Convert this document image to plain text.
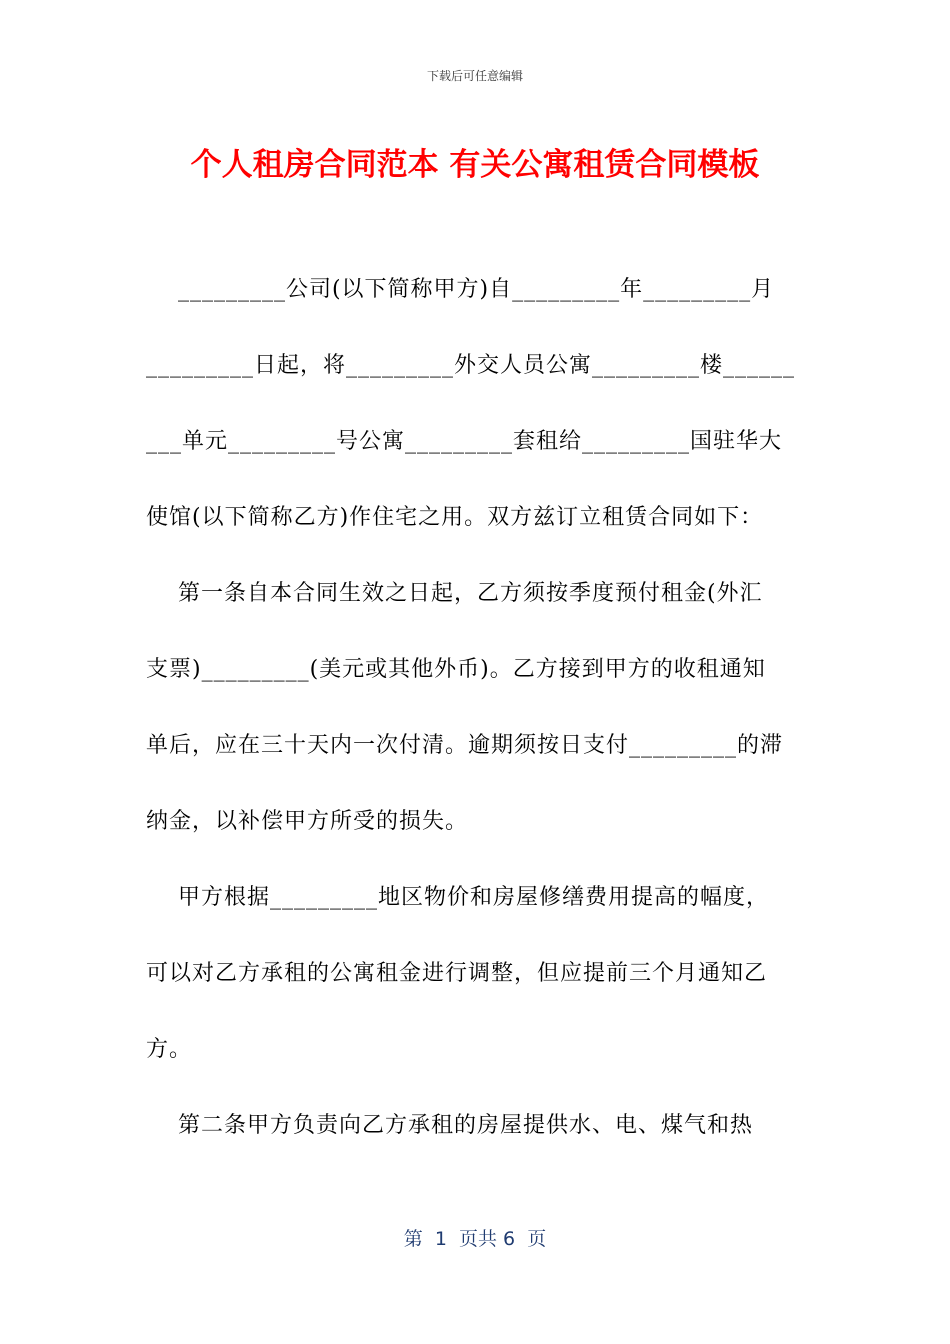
下载后可任意编辑
个人租房合同范本 有关公寓租赁合同模板
_________公司(以下简称甲方)自_________年_________月
_________日起，将_________外交人员公寓_________楼______
___单元_________号公寓_________套租给_________国驻华大
使馆(以下简称乙方)作住宅之用。双方兹订立租赁合同如下：
第一条自本合同生效之日起，乙方须按季度预付租金(外汇
支票)_________(美元或其他外币)。乙方接到甲方的收租通知
单后，应在三十天内一次付清。逾期须按日支付_________的滞
纳金，以补偿甲方所受的损失。
甲方根据_________地区物价和房屋修缮费用提高的幅度，
可以对乙方承租的公寓租金进行调整，但应提前三个月通知乙
方。
第二条甲方负责向乙方承租的房屋提供水、电、煤气和热
第  1  页共 6  页
